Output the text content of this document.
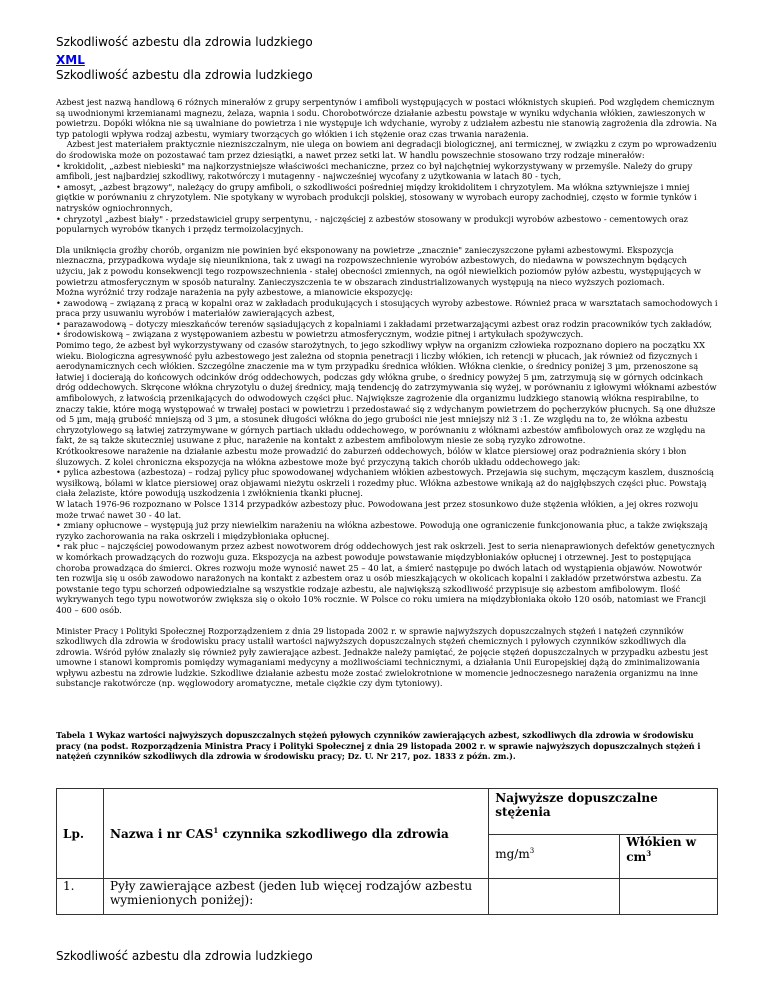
Szkodliwość azbestu dla zdrowia ludzkiego
XML
Szkodliwość azbestu dla zdrowia ludzkiego

Azbest jest nazwą handlową 6 różnych minerałów z grupy serpentynów i amfiboli występujących w postaci włóknistych skupień. Pod względem chemicznym są uwodnionymi krzemianami magnezu, żelaza, wapnia i sodu. Chorobotwórcze działanie azbestu powstaje w wyniku wdychania włókien, zawieszonych w powietrzu. Dopóki włókna nie są uwalniane do powietrza i nie występuje ich wdychanie, wyroby z udziałem azbestu nie stanowią zagrożenia dla zdrowia. Na typ patologii wpływa rodzaj azbestu, wymiary tworzących go włókien i ich stężenie oraz czas trwania narażenia.

Azbest jest materiałem praktycznie niezniszczalnym, nie ulega on bowiem ani degradacji biologicznej, ani termicznej, w związku z czym po wprowadzeniu do środowiska może on pozostawać tam przez dziesiątki, a nawet przez setki lat. W handlu powszechnie stosowano trzy rodzaje minerałów:

• krokidolit, „azbest niebieski" ma najkorzystniejsze właściwości mechaniczne, przez co był najchętniej wykorzystywany w przemyśle. Należy do grupy amfiboli, jest najbardziej szkodliwy, rakotwórczy i mutagenny - najwcześniej wycofany z użytkowania w latach 80 - tych,

• amosyt, „azbest brązowy", należący do grupy amfiboli, o szkodliwości pośredniej między krokidolitem i chryzotylem. Ma włókna sztywniejsze i mniej giętkie w porównaniu z chryzotylem. Nie spotykany w wyrobach produkcji polskiej, stosowany w wyrobach europy zachodniej, często w formie tynków i natrysków ogniochronnych,

• chryzotyl „azbest biały" - przedstawiciel grupy serpentynu, - najczęściej z azbestów stosowany w produkcji wyrobów azbestowo - cementowych oraz popularnych wyrobów tkanych i przędz termoizolacyjnych.

Dla uniknięcia groźby chorób, organizm nie powinien być eksponowany na powietrze „znacznie" zanieczyszczone pyłami azbestowymi. Ekspozycja nieznaczna, przypadkowa wydaje się nieunikniona, tak z uwagi na rozpowszechnienie wyrobów azbestowych, do niedawna w powszechnym będących użyciu, jak z powodu konsekwencji tego rozpowszechnienia - stałej obecności zmiennych, na ogół niewielkich poziomów pyłów azbestu, występujących w powietrzu atmosferycznym w sposób naturalny. Zanieczyszczenia te w obszarach zindustrializowanych występują na nieco wyższych poziomach.

Można wyróżnić trzy rodzaje narażenia na pyły azbestowe, a mianowicie ekspozycję:

• zawodową – związaną z pracą w kopalni oraz w zakładach produkujących i stosujących wyroby azbestowe. Również praca w warsztatach samochodowych i praca przy usuwaniu wyrobów i materiałów zawierających azbest,

• parazawodową – dotyczy mieszkańców terenów sąsiadujących z kopalniami i zakładami przetwarzającymi azbest oraz rodzin pracowników tych zakładów,

• środowiskową – związana z występowaniem azbestu w powietrzu atmosferycznym, wodzie pitnej i artykułach spożywczych.

Pomimo tego, że azbest był wykorzystywany od czasów starożytnych, to jego szkodliwy wpływ na organizm człowieka rozpoznano dopiero na początku XX wieku. Biologiczna agresywność pyłu azbestowego jest zależna od stopnia penetracji i liczby włókien, ich retencji w płucach, jak również od fizycznych i aerodynamicznych cech włókien. Szczególne znaczenie ma w tym przypadku średnica włókien. Włókna cienkie, o średnicy poniżej 3 µm, przenoszone są łatwiej i docierają do końcowych odcinków dróg oddechowych, podczas gdy włókna grube, o średnicy powyżej 5 µm, zatrzymują się w górnych odcinkach dróg oddechowych. Skręcone włókna chryzotylu o dużej średnicy, mają tendencję do zatrzymywania się wyżej, w porównaniu z igłowymi włóknami azbestów amfibolowych, z łatwością przenikających do odwodowych części płuc. Największe zagrożenie dla organizmu ludzkiego stanowią włókna respirabilne, to znaczy takie, które mogą występować w trwałej postaci w powietrzu i przedostawać się z wdychanym powietrzem do pęcherzyków płucnych. Są one dłuższe od 5 µm, mają grubość mniejszą od 3 µm, a stosunek długości włókna do jego grubości nie jest mniejszy niż 3 :1. Ze względu na to, że włókna azbestu chryzotylowego są łatwiej zatrzymywane w górnych partiach układu oddechowego, w porównaniu z włóknami azbestów amfibolowych oraz ze względu na fakt, że są także skuteczniej usuwane z płuc, narażenie na kontakt z azbestem amfibolowym niesie ze sobą ryzyko zdrowotne.

Krótkookresowe narażenie na działanie azbestu może prowadzić do zaburzeń oddechowych, bólów w klatce piersiowej oraz podrażnienia skóry i błon śluzowych. Z kolei chroniczna ekspozycja na włókna azbestowe może być przyczyną takich chorób układu oddechowego jak:

• pylica azbestowa (azbestoza) – rodzaj pylicy płuc spowodowanej wdychaniem włókien azbestowych. Przejawia się suchym, męczącym kaszlem, dusznością wysiłkową, bólami w klatce piersiowej oraz objawami nieżytu oskrzeli i rozedmy płuc. Włókna azbestowe wnikają aż do najgłębszych części płuc. Powstają ciała żelaziste, które powodują uszkodzenia i zwłóknienia tkanki płucnej.

W latach 1976-96 rozpoznano w Polsce 1314 przypadków azbestozy płuc. Powodowana jest przez stosunkowo duże stężenia włókien, a jej okres rozwoju może trwać nawet 30 - 40 lat.

• zmiany opłucnowe – występują już przy niewielkim narażeniu na włókna azbestowe. Powodują one ograniczenie funkcjonowania płuc, a także zwiększają ryzyko zachorowania na raka oskrzeli i międzybłoniaka opłucnej.

• rak płuc – najczęściej powodowanym przez azbest nowotworem dróg oddechowych jest rak oskrzeli. Jest to seria nienaprawionych defektów genetycznych w komórkach prowadzących do rozwoju guza. Ekspozycja na azbest powoduje powstawanie międzybłoniaków opłucnej i otrzewnej. Jest to postępująca choroba prowadząca do śmierci. Okres rozwoju może wynosić nawet 25 – 40 lat, a śmierć następuje po dwóch latach od wystąpienia objawów. Nowotwór ten rozwija się u osób zawodowo narażonych na kontakt z azbestem oraz u osób mieszkających w okolicach kopalni i zakładów przetwórstwa azbestu. Za powstanie tego typu schorzeń odpowiedzialne są wszystkie rodzaje azbestu, ale największą szkodliwość przypisuje się azbestom amfibolowym. Ilość wykrywanych tego typu nowotworów zwiększa się o około 10% rocznie. W Polsce co roku umiera na międzybłoniaka około 120 osób, natomiast we Francji 400 – 600 osób.

Minister Pracy i Polityki Społecznej Rozporządzeniem z dnia 29 listopada 2002 r. w sprawie najwyższych dopuszczalnych stężeń i natężeń czynników szkodliwych dla zdrowia w środowisku pracy ustalił wartości najwyższych dopuszczalnych stężeń chemicznych i pyłowych czynników szkodliwych dla zdrowia. Wśród pyłów znalazły się również pyły zawierające azbest. Jednakże należy pamiętać, że pojęcie stężeń dopuszczalnych w przypadku azbestu jest umowne i stanowi kompromis pomiędzy wymaganiami medycyny a możliwościami technicznymi, a działania Unii Europejskiej dążą do zminimalizowania wpływu azbestu na zdrowie ludzkie. Szkodliwe działanie azbestu może zostać zwielokrotnione w momencie jednoczesnego narażenia organizmu na inne substancje rakotwórcze (np. węglowodory aromatyczne, metale ciężkie czy dym tytoniowy).

Tabela 1 Wykaz wartości najwyższych dopuszczalnych stężeń pyłowych czynników zawierających azbest, szkodliwych dla zdrowia w środowisku pracy (na podst. Rozporządzenia Ministra Pracy i Polityki Społecznej z dnia 29 listopada 2002 r. w sprawie najwyższych dopuszczalnych stężeń i natężeń czynników szkodliwych dla zdrowia w środowisku pracy; Dz. U. Nr 217, poz. 1833 z późn. zm.).
Lp.	Nazwa i nr CAS$^1$ czynnika szkodliwego dla zdrowia	Najwyższe dopuszczalne stężenia	
		$mg/m^3$	Włókien w $cm^3$
1.	Pyły zawierające azbest (jeden lub więcej rodzajów azbestu wymienionych poniżej):		
Szkodliwość azbestu dla zdrowia ludzkiego
